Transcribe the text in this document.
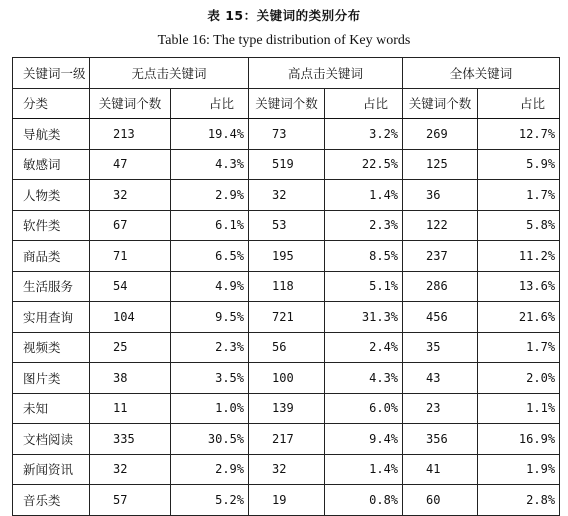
表 15：关键词的类别分布
Table 16: The type distribution of Key words
关键词一级	无点击关键词		高点击关键词		全体关键词	
分类	关键词个数	占比	关键词个数	占比	关键词个数	占比
导航类	213	19.4%	73	3.2%	269	12.7%
敏感词	47	4.3%	519	22.5%	125	5.9%
人物类	32	2.9%	32	1.4%	36	1.7%
软件类	67	6.1%	53	2.3%	122	5.8%
商品类	71	6.5%	195	8.5%	237	11.2%
生活服务	54	4.9%	118	5.1%	286	13.6%
实用查询	104	9.5%	721	31.3%	456	21.6%
视频类	25	2.3%	56	2.4%	35	1.7%
图片类	38	3.5%	100	4.3%	43	2.0%
未知	11	1.0%	139	6.0%	23	1.1%
文档阅读	335	30.5%	217	9.4%	356	16.9%
新闻资讯	32	2.9%	32	1.4%	41	1.9%
音乐类	57	5.2%	19	0.8%	60	2.8%
